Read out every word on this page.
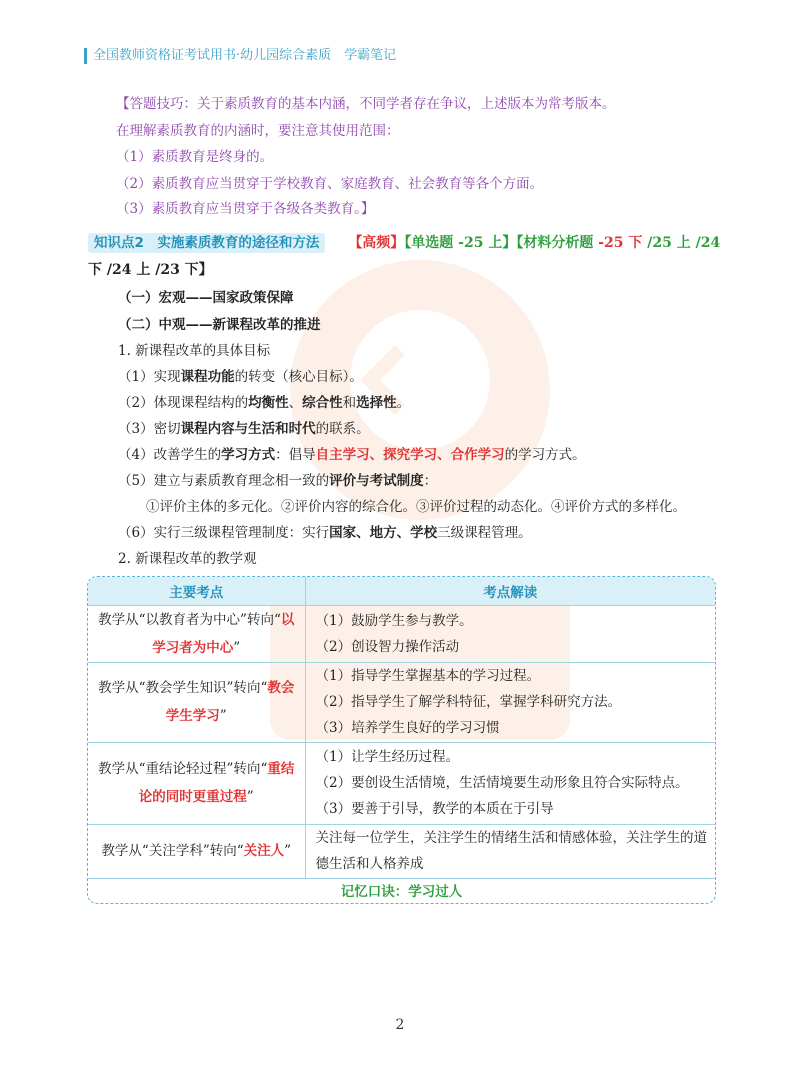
全国教师资格证考试用书·幼儿园综合素质　学霸笔记
【答题技巧：关于素质教育的基本内涵，不同学者存在争议，上述版本为常考版本。
在理解素质教育的内涵时，要注意其使用范围：
（1）素质教育是终身的。
（2）素质教育应当贯穿于学校教育、家庭教育、社会教育等各个方面。
（3）素质教育应当贯穿于各级各类教育。】
知识点2　实施素质教育的途径和方法 【高频】【单选题 -25 上】【材料分析题 -25 下 /25 上 /24
下 /24 上 /23 下】
（一）宏观——国家政策保障
（二）中观——新课程改革的推进
1. 新课程改革的具体目标
（1）实现课程功能的转变（核心目标）。
（2）体现课程结构的均衡性、综合性和选择性。
（3）密切课程内容与生活和时代的联系。
（4）改善学生的学习方式：倡导自主学习、探究学习、合作学习的学习方式。
（5）建立与素质教育理念相一致的评价与考试制度：
①评价主体的多元化。②评价内容的综合化。③评价过程的动态化。④评价方式的多样化。
（6）实行三级课程管理制度：实行国家、地方、学校三级课程管理。
2. 新课程改革的教学观
主要考点	考点解读
教学从“以教育者为中心”转向“以学习者为中心”	（1）鼓励学生参与教学。
（2）创设智力操作活动

教学从“教会学生知识”转向“教会学生学习”	（1）指导学生掌握基本的学习过程。
（2）指导学生了解学科特征，掌握学科研究方法。
（3）培养学生良好的学习习惯

教学从“重结论轻过程”转向“重结论的同时更重过程”	（1）让学生经历过程。
（2）要创设生活情境，生活情境要生动形象且符合实际特点。
（3）要善于引导，教学的本质在于引导

教学从“关注学科”转向“关注人”	关注每一位学生，关注学生的情绪生活和情感体验，关注学生的道德生活和人格养成

记忆口诀：学习过人	
2
